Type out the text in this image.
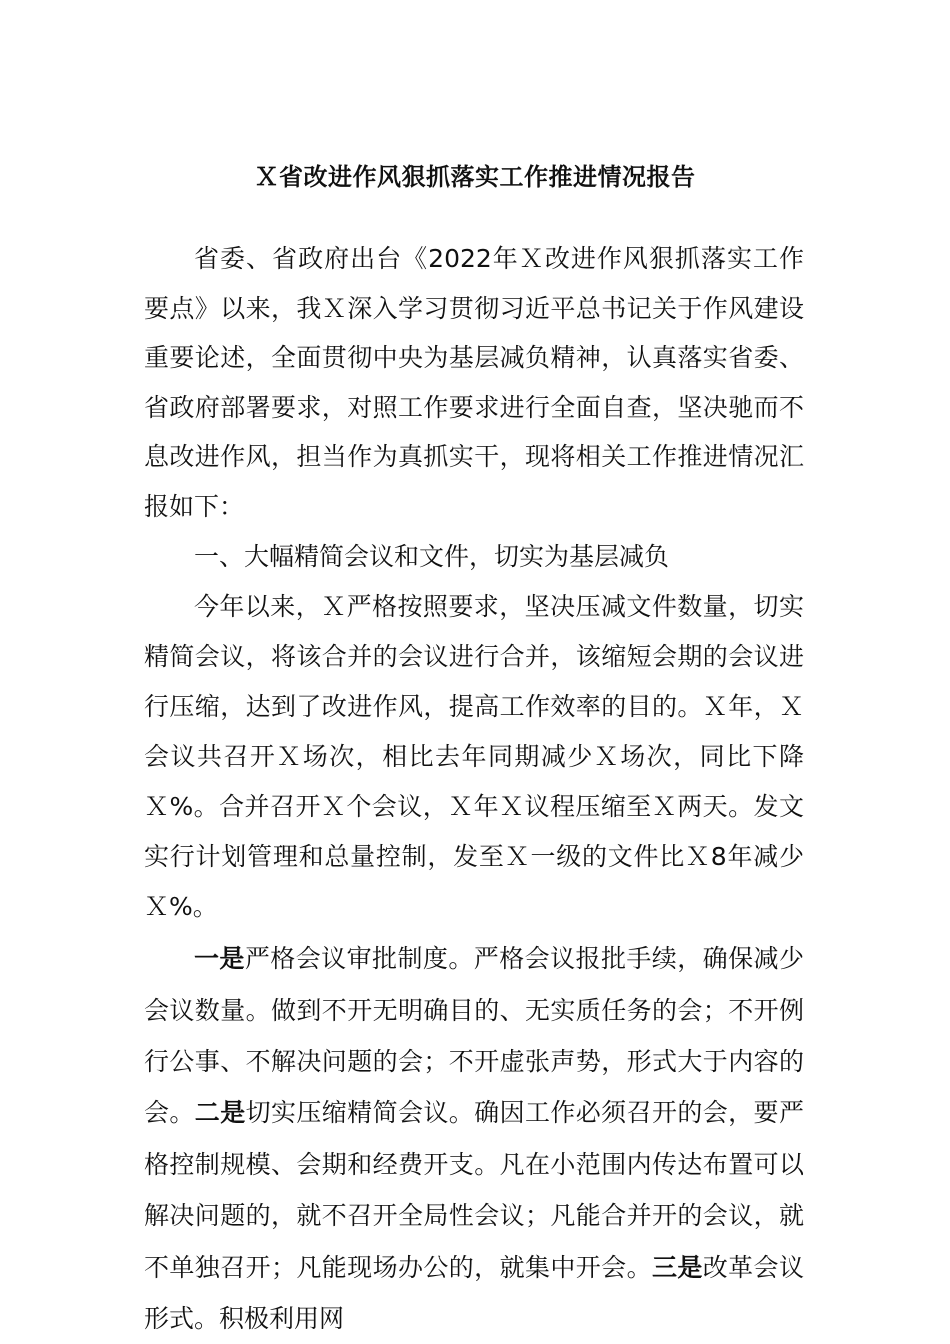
Ｘ省改进作风狠抓落实工作推进情况报告

省委、省政府出台《2022年Ｘ改进作风狠抓落实工作要点》以来，我Ｘ深入学习贯彻习近平总书记关于作风建设重要论述，全面贯彻中央为基层减负精神，认真落实省委、省政府部署要求，对照工作要求进行全面自查，坚决驰而不息改进作风，担当作为真抓实干，现将相关工作推进情况汇报如下：

一、大幅精简会议和文件，切实为基层减负

今年以来，Ｘ严格按照要求，坚决压减文件数量，切实精简会议，将该合并的会议进行合并，该缩短会期的会议进行压缩，达到了改进作风，提高工作效率的目的。Ｘ年，Ｘ会议共召开Ｘ场次，相比去年同期减少Ｘ场次，同比下降Ｘ%。合并召开Ｘ个会议，Ｘ年Ｘ议程压缩至Ｘ两天。发文实行计划管理和总量控制，发至Ｘ一级的文件比Ｘ8年减少Ｘ%。

一是严格会议审批制度。严格会议报批手续，确保减少会议数量。做到不开无明确目的、无实质任务的会；不开例行公事、不解决问题的会；不开虚张声势，形式大于内容的会。二是切实压缩精简会议。确因工作必须召开的会，要严格控制规模、会期和经费开支。凡在小范围内传达布置可以解决问题的，就不召开全局性会议；凡能合并开的会议，就不单独召开；凡能现场办公的，就集中开会。三是改革会议形式。积极利用网
